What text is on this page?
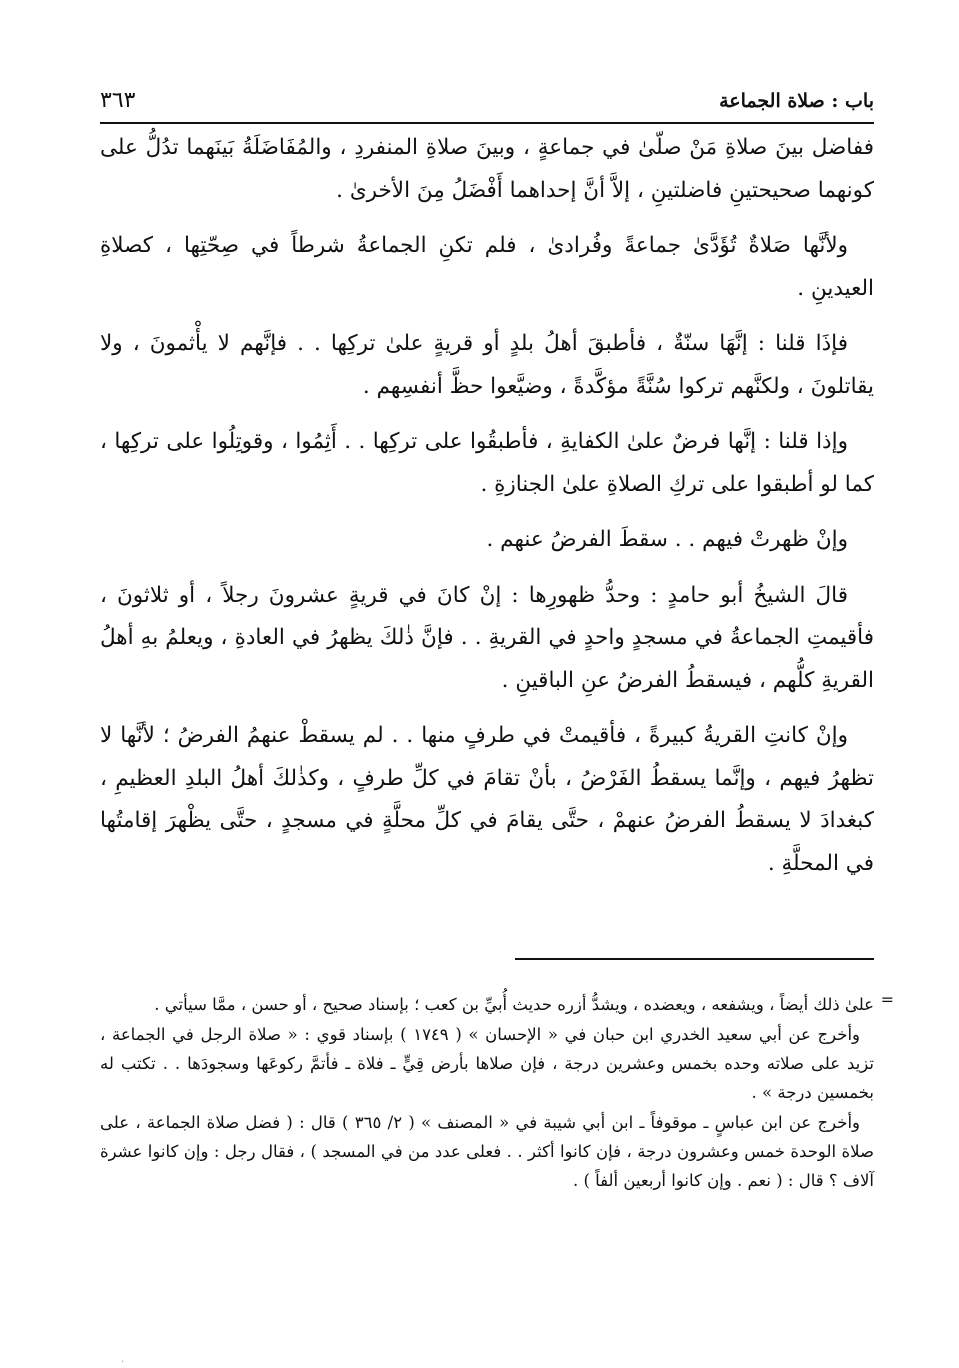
باب : صلاة الجماعة
٣٦٣

ففاضل بينَ صلاةِ مَنْ صلّىٰ في جماعةٍ ، وبينَ صلاةِ المنفردِ ، والمُفَاضَلَةُ بَينَهما تدُلُّ على كونهما صحيحتينِ فاضلتينِ ، إلاَّ أنَّ إحداهما أَفْضَلُ مِنَ الأخرىٰ .

ولأنَّها صَلاةٌ تُؤَدَّىٰ جماعةً وفُرادىٰ ، فلم تكنِ الجماعةُ شرطاً في صِحّتِها ، كصلاةِ العيدينِ .

فإذَا قلنا : إنَّهَا سنّةٌ ، فأطبقَ أهلُ بلدٍ أو قريةٍ علىٰ تركِها . . فإنَّهم لا يأْثمونَ ، ولا يقاتلونَ ، ولكنَّهم تركوا سُنَّةً مؤكَّدةً ، وضيَّعوا حظَّ أنفسِهم .

وإذا قلنا : إنَّها فرضٌ علىٰ الكفايةِ ، فأطبقُوا على تركِها . . أَثِمُوا ، وقوتِلُوا على تركِها ، كما لو أطبقوا على تركِ الصلاةِ علىٰ الجنازةِ .

وإنْ ظهرتْ فيهم . . سقطَ الفرضُ عنهم .

قالَ الشيخُ أبو حامدٍ : وحدُّ ظهورِها : إنْ كانَ في قريةٍ عشرونَ رجلاً ، أو ثلاثونَ ، فأقيمتِ الجماعةُ في مسجدٍ واحدٍ في القريةِ . . فإنَّ ذٰلكَ يظهرُ في العادةِ ، ويعلمُ بهِ أهلُ القريةِ كلُّهم ، فيسقطُ الفرضُ عنِ الباقينِ .

وإنْ كانتِ القريةُ كبيرةً ، فأقيمتْ في طرفٍ منها . . لم يسقطْ عنهمُ الفرضُ ؛ لأنَّها لا تظهرُ فيهم ، وإنَّما يسقطُ الفَرْضُ ، بأنْ تقامَ في كلِّ طرفٍ ، وكذٰلكَ أهلُ البلدِ العظيمِ ، كبغدادَ لا يسقطُ الفرضُ عنهمْ ، حتَّى يقامَ في كلِّ محلَّةٍ في مسجدٍ ، حتَّى يظْهرَ إقامتُها في المحلَّةِ .

=

علىٰ ذلك أيضاً ، ويشفعه ، ويعضده ، ويشدُّ أزره حديث أُبيِّ بن كعب ؛ بإسناد صحيح ، أو حسن ، ممَّا سيأتي .

وأخرج عن أبي سعيد الخدري ابن حبان في « الإحسان » ( ١٧٤٩ ) بإسناد قوي : « صلاة الرجل في الجماعة ، تزيد على صلاته وحده بخمس وعشرين درجة ، فإن صلاها بأرض قِيٍّ ـ فلاة ـ فأتمَّ ركوعَها وسجودَها . . تكتب له بخمسين درجة » .

وأخرج عن ابن عباسٍ ـ موقوفاً ـ ابن أبي شيبة في « المصنف » ( ٢/ ٣٦٥ ) قال : ( فضل صلاة الجماعة ، على صلاة الوحدة خمس وعشرون درجة ، فإن كانوا أكثر . . فعلى عدد من في المسجد ) ، فقال رجل : وإن كانوا عشرة آلاف ؟ قال : ( نعم . وإن كانوا أربعين ألفاً ) .

·
